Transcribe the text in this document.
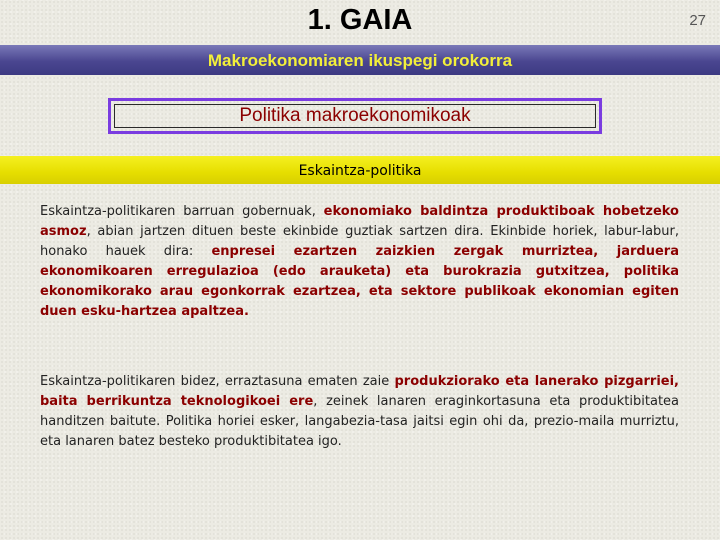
1. GAIA	27
Makroekonomiaren ikuspegi orokorra
Politika makroekonomikoak
Eskaintza-politika
Eskaintza-politikaren barruan gobernuak, ekonomiako baldintza produktiboak hobetzeko asmoz, abian jartzen dituen beste ekinbide guztiak sartzen dira. Ekinbide horiek, labur-labur, honako hauek dira: enpresei ezartzen zaizkien zergak murriztea, jarduera ekonomikoaren erregulazioa (edo arauketa) eta burokrazia gutxitzea, politika ekonomikorako arau egonkorrak ezartzea, eta sektore publikoak ekonomian egiten duen esku-hartzea apaltzea.
Eskaintza-politikaren bidez, erraztasuna ematen zaie produkziorako eta lanerako pizgarriei, baita berrikuntza teknologikoei ere, zeinek lanaren eraginkortasuna eta produktibitatea handitzen baitute. Politika horiei esker, langabezia-tasa jaitsi egin ohi da, prezio-maila murriztu, eta lanaren batez besteko produktibitatea igo.
